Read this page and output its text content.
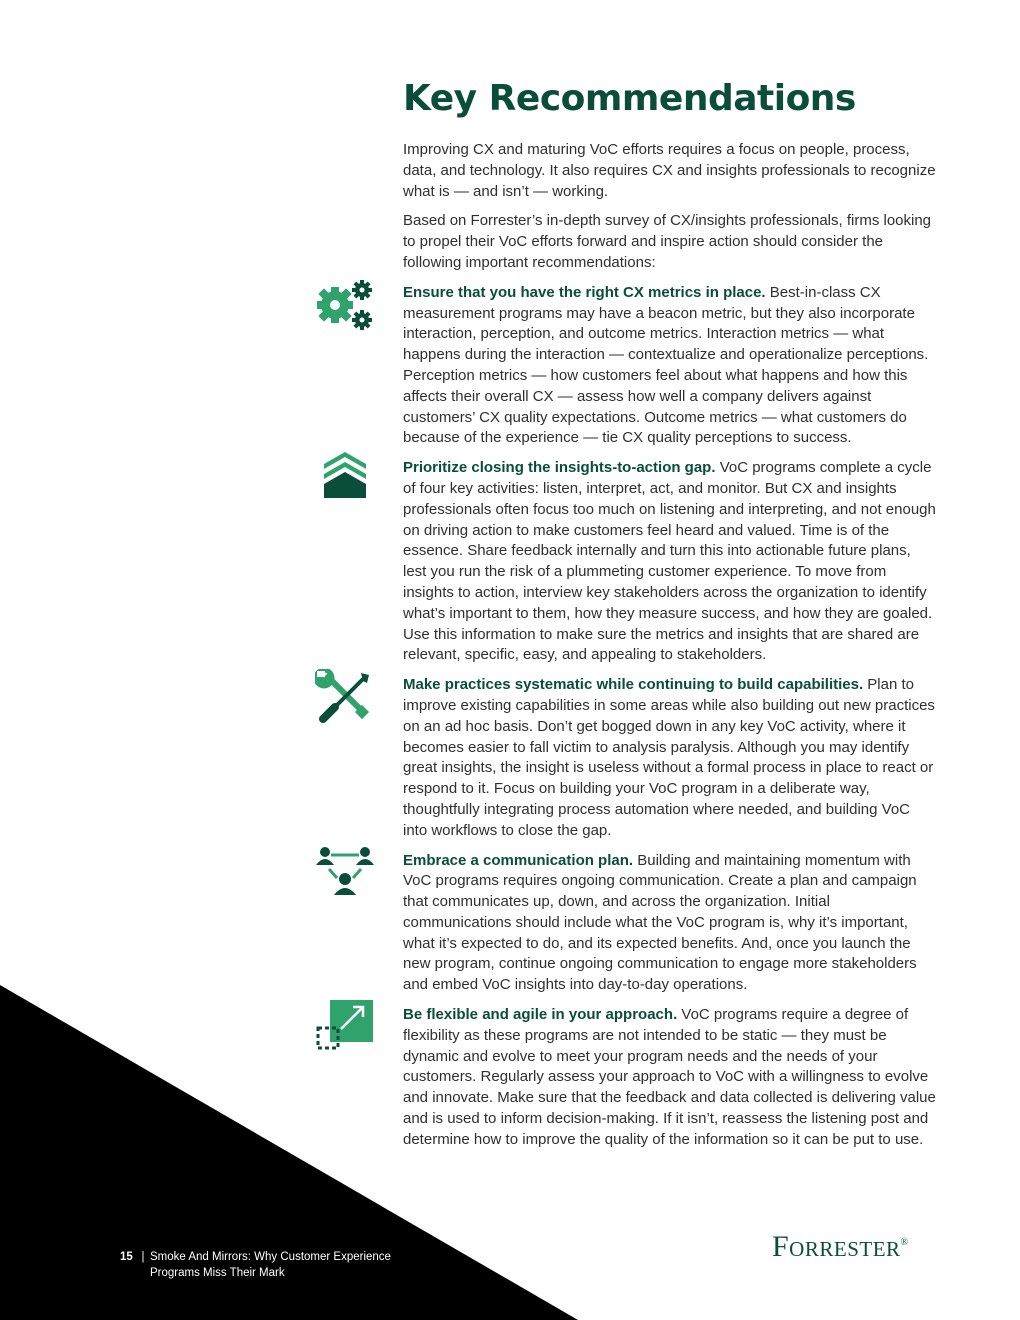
Key Recommendations

Improving CX and maturing VoC efforts requires a focus on people, process, data, and technology. It also requires CX and insights professionals to recognize what is — and isn’t — working.

Based on Forrester’s in-depth survey of CX/insights professionals, firms looking to propel their VoC efforts forward and inspire action should consider the following important recommendations:

Ensure that you have the right CX metrics in place. Best-in-class CX measurement programs may have a beacon metric, but they also incorporate interaction, perception, and outcome metrics. Interaction metrics — what happens during the interaction — contextualize and operationalize perceptions. Perception metrics — how customers feel about what happens and how this affects their overall CX — assess how well a company delivers against customers’ CX quality expectations. Outcome metrics — what customers do because of the experience — tie CX quality perceptions to success.
Prioritize closing the insights-to-action gap. VoC programs complete a cycle of four key activities: listen, interpret, act, and monitor. But CX and insights professionals often focus too much on listening and interpreting, and not enough on driving action to make customers feel heard and valued. Time is of the essence. Share feedback internally and turn this into actionable future plans, lest you run the risk of a plummeting customer experience. To move from insights to action, interview key stakeholders across the organization to identify what’s important to them, how they measure success, and how they are goaled. Use this information to make sure the metrics and insights that are shared are relevant, specific, easy, and appealing to stakeholders.
Make practices systematic while continuing to build capabilities. Plan to improve existing capabilities in some areas while also building out new practices on an ad hoc basis. Don’t get bogged down in any key VoC activity, where it becomes easier to fall victim to analysis paralysis. Although you may identify great insights, the insight is useless without a formal process in place to react or respond to it. Focus on building your VoC program in a deliberate way, thoughtfully integrating process automation where needed, and building VoC into workflows to close the gap.
Embrace a communication plan. Building and maintaining momentum with VoC programs requires ongoing communication. Create a plan and campaign that communicates up, down, and across the organization. Initial communications should include what the VoC program is, why it’s important, what it’s expected to do, and its expected benefits. And, once you launch the new program, continue ongoing communication to engage more stakeholders and embed VoC insights into day-to-day operations.
Be flexible and agile in your approach. VoC programs require a degree of flexibility as these programs are not intended to be static — they must be dynamic and evolve to meet your program needs and the needs of your customers. Regularly assess your approach to VoC with a willingness to evolve and innovate. Make sure that the feedback and data collected is delivering value and is used to inform decision-making. If it isn’t, reassess the listening post and determine how to improve the quality of the information so it can be put to use.
15 | Smoke And Mirrors: Why Customer Experience
Programs Miss Their Mark
Forrester®
